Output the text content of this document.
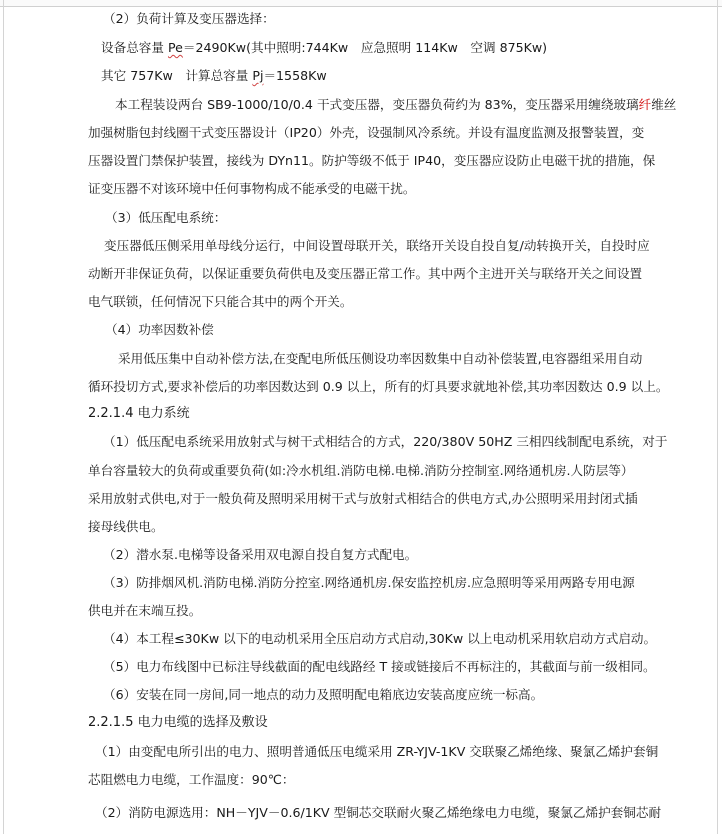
（2）负荷计算及变压器选择：
设备总容量 Pe＝2490Kw(其中照明:744Kw　应急照明 114Kw　空调 875Kw)
其它 757Kw　计算总容量 Pj＝1558Kw
本工程装设两台 SB9-1000/10/0.4 干式变压器，变压器负荷约为 83%，变压器采用缠绕玻璃纤维丝
加强树脂包封线圈干式变压器设计（IP20）外壳，设强制风冷系统。并设有温度监测及报警装置，变
压器设置门禁保护装置，接线为 DYn11。防护等级不低于 IP40，变压器应设防止电磁干扰的措施，保
证变压器不对该环境中任何事物构成不能承受的电磁干扰。
（3）低压配电系统：
变压器低压侧采用单母线分运行，中间设置母联开关，联络开关设自投自复/动转换开关，自投时应
动断开非保证负荷，以保证重要负荷供电及变压器正常工作。其中两个主进开关与联络开关之间设置
电气联锁，任何情况下只能合其中的两个开关。
（4）功率因数补偿
采用低压集中自动补偿方法,在变配电所低压侧设功率因数集中自动补偿装置,电容器组采用自动
循环投切方式,要求补偿后的功率因数达到 0.9 以上，所有的灯具要求就地补偿,其功率因数达 0.9 以上。
2.2.1.4 电力系统
（1）低压配电系统采用放射式与树干式相结合的方式，220/380V 50HZ 三相四线制配电系统，对于
单台容量较大的负荷或重要负荷(如:冷水机组.消防电梯.电梯.消防分控制室.网络通机房.人防层等）
采用放射式供电,对于一般负荷及照明采用树干式与放射式相结合的供电方式,办公照明采用封闭式插
接母线供电。
（2）潜水泵.电梯等设备采用双电源自投自复方式配电。
（3）防排烟风机.消防电梯.消防分控室.网络通机房.保安监控机房.应急照明等采用两路专用电源
供电并在末端互投。
（4）本工程≤30Kw 以下的电动机采用全压启动方式启动,30Kw 以上电动机采用软启动方式启动。
（5）电力布线图中已标注导线截面的配电线路经 T 接或链接后不再标注的，其截面与前一级相同。
（6）安装在同一房间,同一地点的动力及照明配电箱底边安装高度应统一标高。
2.2.1.5 电力电缆的选择及敷设
（1）由变配电所引出的电力、照明普通低压电缆采用 ZR-YJV-1KV 交联聚乙烯绝缘、聚氯乙烯护套铜
芯阻燃电力电缆，工作温度：90℃：
（2）消防电源选用：NH－YJV－0.6/1KV 型铜芯交联耐火聚乙烯绝缘电力电缆，聚氯乙烯护套铜芯耐
